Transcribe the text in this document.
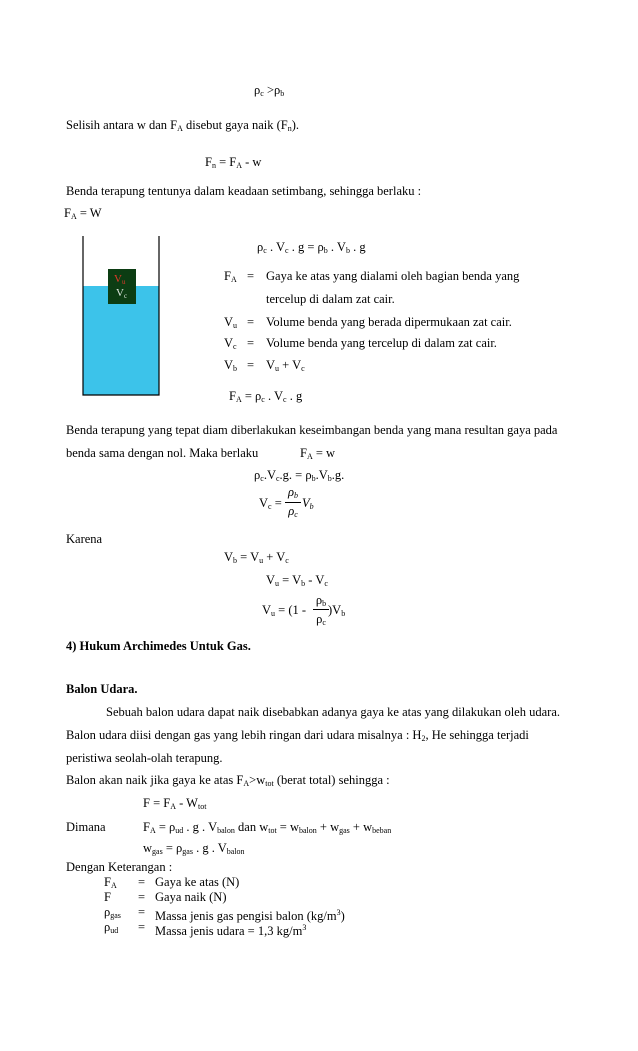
$\rho_c >\rho_b$
Selisih antara w dan $F_A$ disebut gaya naik $(F_n)$.
$F_n = F_A - w$
Benda terapung tentunya dalam keadaan setimbang, sehingga berlaku :
$F_A = W$
$\rho_c$ . $V_c$ . $g = \rho_b$ . $V_b$ . g
Vu
Vc
$F_A$ = Gaya ke atas yang dialami oleh bagian benda yang
tercelup di dalam zat cair.
$V_u$ = Volume benda yang berada dipermukaan zat cair.
$V_c$ = Volume benda yang tercelup di dalam zat cair.
$V_b = V_u + V_c$
$F_A = \rho_c$ . $V_c$ . g
Benda terapung yang tepat diam diberlakukan keseimbangan benda yang mana resultan gaya pada
benda sama dengan nol. Maka berlaku	$F_A = w$
$\rho_c.V_c.g$. = $\rho_b.V_b.g$.
$V_c$ =
$\rho_b$
$\rho_c$
$V_b$
Karena
$V_b = V_u + V_c$
$V_u = V_b - V_c$
$V_u = (1$ -
$\rho_b$
$\rho_c$
)$V_b$
4) Hukum Archimedes Untuk Gas.
Balon Udara.
Sebuah balon udara dapat naik disebabkan adanya gaya ke atas yang dilakukan oleh udara.
Balon udara diisi dengan gas yang lebih ringan dari udara misalnya : $H_2$, He sehingga terjadi
peristiwa seolah-olah terapung.
Balon akan naik jika gaya ke atas $F_A>w_{tot}$ (berat total) sehingga :
$F = F_A - W_{tot}$
Dimana	$F_A = \rho_{ud}$ . g . $V_{balon}$ dan $w_{tot} = w_{balon} + w_{gas} + w_{beban}$
$w_{gas} = \rho_{gas}$ . g . $V_{balon}$
Dengan Keterangan :
$F_A$ = Gaya ke atas (N)
F = Gaya naik (N)
$\rho_{gas}$ = Massa jenis gas pengisi balon $(kg/m^3)$
$\rho_{ud}$ = Massa jenis udara = 1,3 $kg/m^3$
